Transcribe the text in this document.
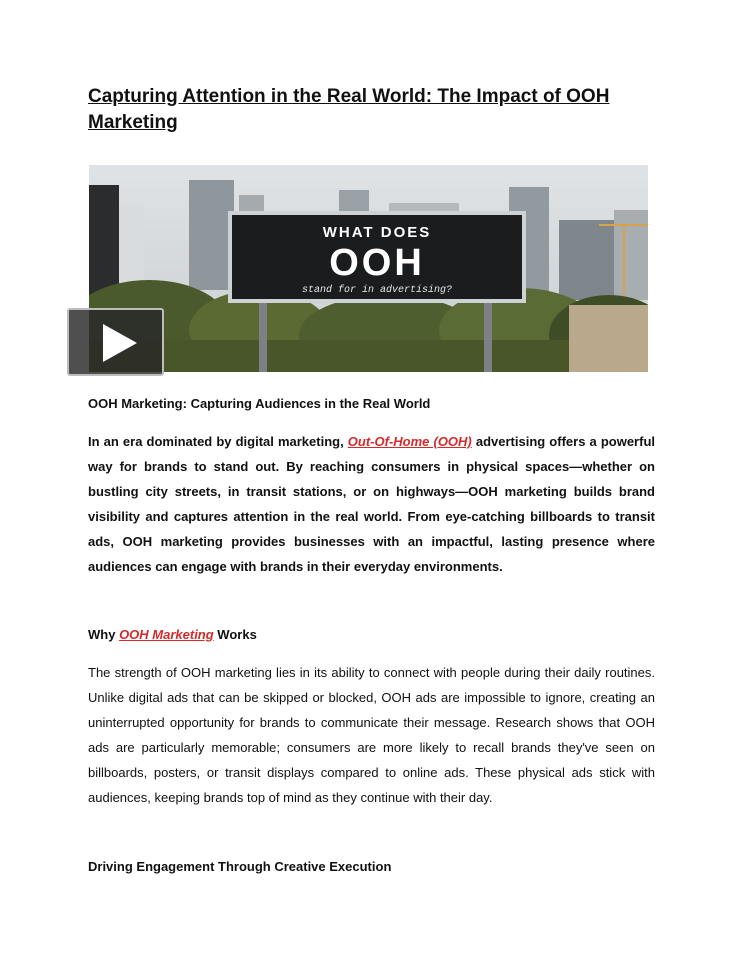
Capturing Attention in the Real World: The Impact of OOH Marketing
WHAT DOES
OOH
stand for in advertising?
OOH Marketing: Capturing Audiences in the Real World
In an era dominated by digital marketing, Out-Of-Home (OOH) advertising offers a powerful way for brands to stand out. By reaching consumers in physical spaces—whether on bustling city streets, in transit stations, or on highways—OOH marketing builds brand visibility and captures attention in the real world. From eye-catching billboards to transit ads, OOH marketing provides businesses with an impactful, lasting presence where audiences can engage with brands in their everyday environments.
Why OOH Marketing Works
The strength of OOH marketing lies in its ability to connect with people during their daily routines. Unlike digital ads that can be skipped or blocked, OOH ads are impossible to ignore, creating an uninterrupted opportunity for brands to communicate their message. Research shows that OOH ads are particularly memorable; consumers are more likely to recall brands they've seen on billboards, posters, or transit displays compared to online ads. These physical ads stick with audiences, keeping brands top of mind as they continue with their day.
Driving Engagement Through Creative Execution
